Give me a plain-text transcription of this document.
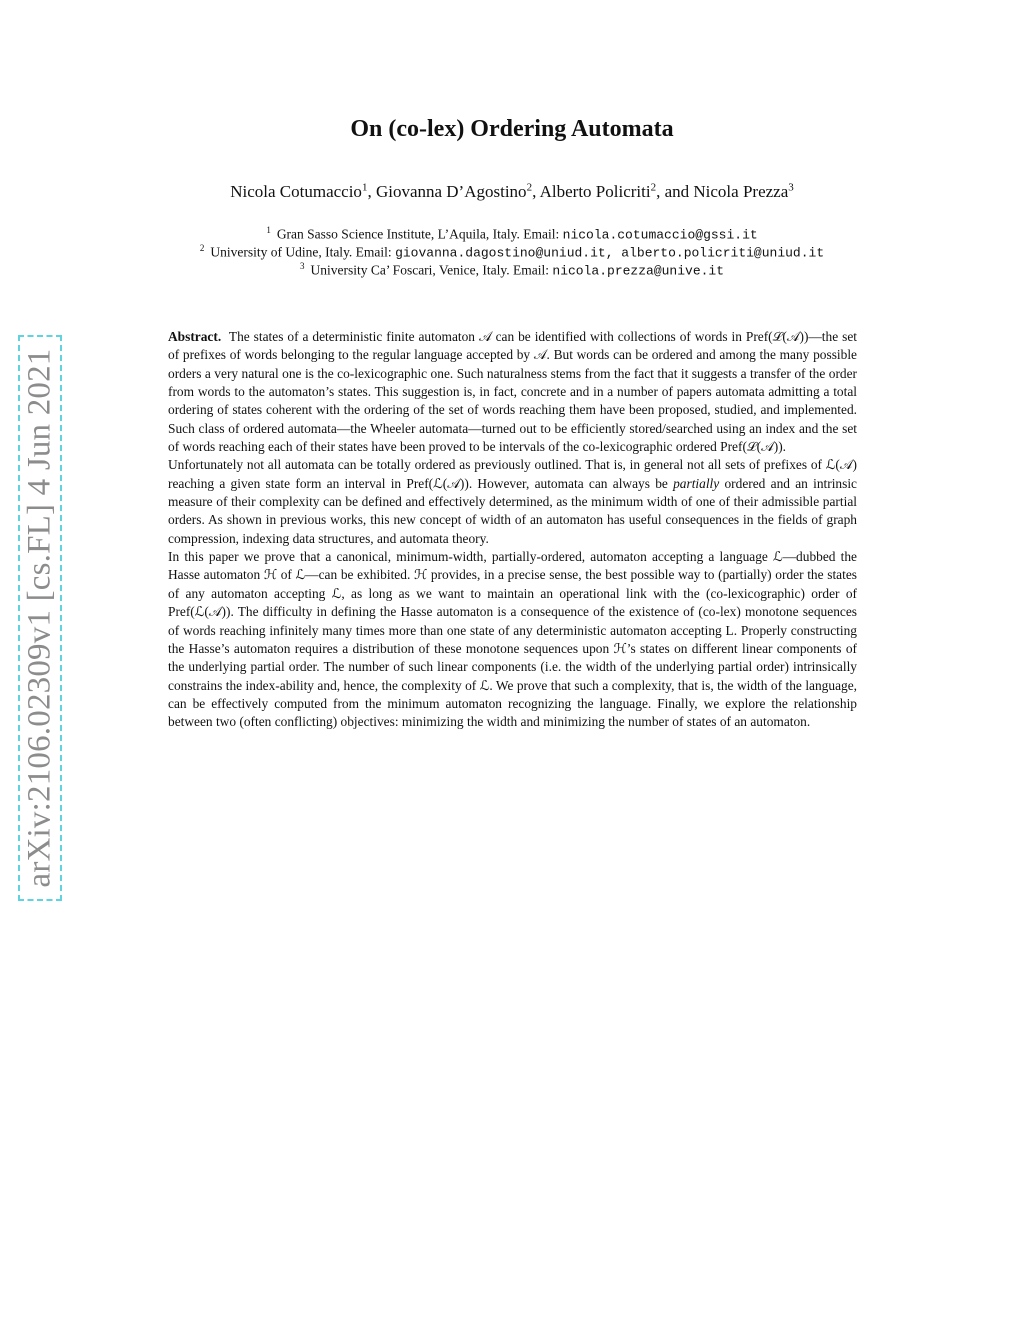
arXiv:2106.02309v1 [cs.FL] 4 Jun 2021
On (co-lex) Ordering Automata
Nicola Cotumaccio$^1$, Giovanna D’Agostino$^2$, Alberto Policriti$^2$, and Nicola Prezza$^3$
$^1$ Gran Sasso Science Institute, L’Aquila, Italy. Email: nicola.cotumaccio@gssi.it
$^2$ University of Udine, Italy. Email: giovanna.dagostino@uniud.it, alberto.policriti@uniud.it
$^3$ University Ca’ Foscari, Venice, Italy. Email: nicola.prezza@unive.it

Abstract. The states of a deterministic finite automaton 𝒜 can be identified with collections of words in Pref(ℒ(𝒜))—the set of prefixes of words belonging to the regular language accepted by 𝒜. But words can be ordered and among the many possible orders a very natural one is the co-lexicographic one. Such naturalness stems from the fact that it suggests a transfer of the order from words to the automaton’s states. This suggestion is, in fact, concrete and in a number of papers automata admitting a total ordering of states coherent with the ordering of the set of words reaching them have been proposed, studied, and implemented. Such class of ordered automata—the Wheeler automata—turned out to be efficiently stored/searched using an index and the set of words reaching each of their states have been proved to be intervals of the co-lexicographic ordered Pref(ℒ(𝒜)).

Unfortunately not all automata can be totally ordered as previously outlined. That is, in general not all sets of prefixes of ℒ(𝒜) reaching a given state form an interval in Pref(ℒ(𝒜)). However, automata can always be partially ordered and an intrinsic measure of their complexity can be defined and effectively determined, as the minimum width of one of their admissible partial orders. As shown in previous works, this new concept of width of an automaton has useful consequences in the fields of graph compression, indexing data structures, and automata theory.

In this paper we prove that a canonical, minimum-width, partially-ordered, automaton accepting a language ℒ—dubbed the Hasse automaton ℋ of ℒ—can be exhibited. ℋ provides, in a precise sense, the best possible way to (partially) order the states of any automaton accepting ℒ, as long as we want to maintain an operational link with the (co-lexicographic) order of Pref(ℒ(𝒜)). The difficulty in defining the Hasse automaton is a consequence of the existence of (co-lex) monotone sequences of words reaching infinitely many times more than one state of any deterministic automaton accepting L. Properly constructing the Hasse’s automaton requires a distribution of these monotone sequences upon ℋ’s states on different linear components of the underlying partial order. The number of such linear components (i.e. the width of the underlying partial order) intrinsically constrains the index-ability and, hence, the complexity of ℒ. We prove that such a complexity, that is, the width of the language, can be effectively computed from the minimum automaton recognizing the language. Finally, we explore the relationship between two (often conflicting) objectives: minimizing the width and minimizing the number of states of an automaton.
